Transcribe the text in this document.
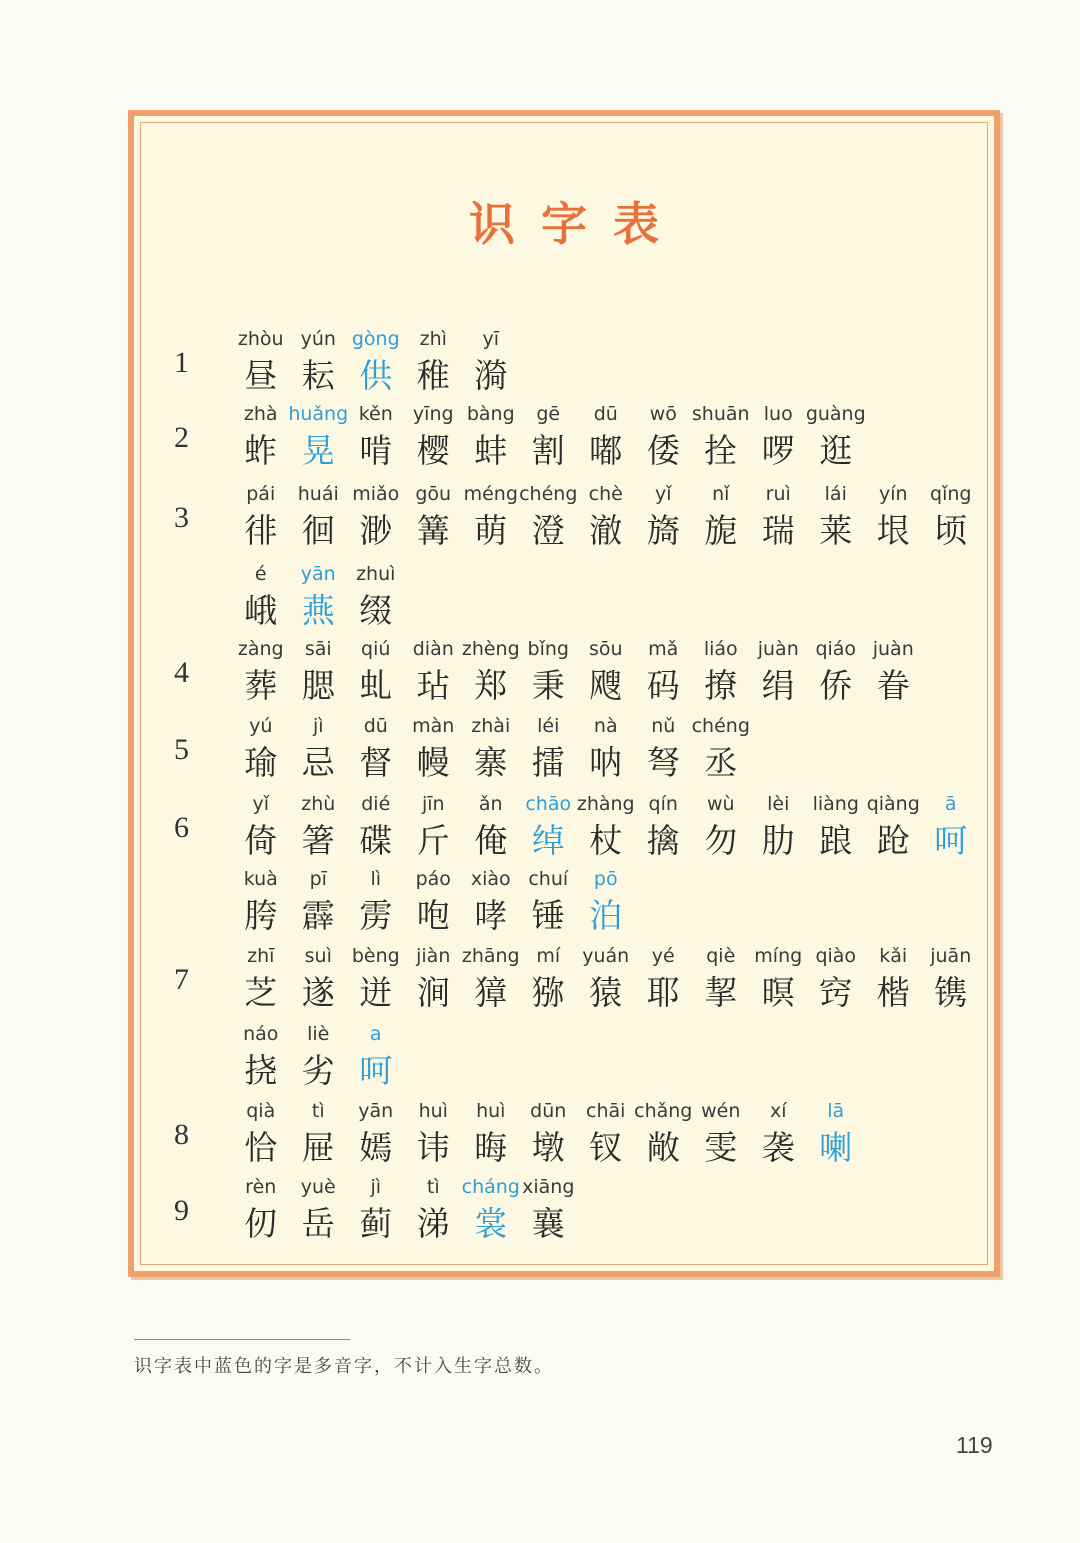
识字表
1
zhòu
昼
yún
耘
gòng
供
zhì
稚
yī
漪
2
zhà
蚱
huǎng
晃
kěn
啃
yīng
樱
bàng
蚌
gē
割
dū
嘟
wō
倭
shuān
拴
luo
啰
guàng
逛
3
pái
徘
huái
徊
miǎo
渺
gōu
篝
méng
萌
chéng
澄
chè
澈
yǐ
旖
nǐ
旎
ruì
瑞
lái
莱
yín
垠
qǐng
顷
é
峨
yān
燕
zhuì
缀
4
zàng
葬
sāi
腮
qiú
虬
diàn
玷
zhèng
郑
bǐng
秉
sōu
飕
mǎ
码
liáo
撩
juàn
绢
qiáo
侨
juàn
眷
5
yú
瑜
jì
忌
dū
督
màn
幔
zhài
寨
léi
擂
nà
呐
nǔ
弩
chéng
丞
6
yǐ
倚
zhù
箸
dié
碟
jīn
斤
ǎn
俺
chāo
绰
zhàng
杖
qín
擒
wù
勿
lèi
肋
liàng
踉
qiàng
跄
ā
呵
kuà
胯
pī
霹
lì
雳
páo
咆
xiào
哮
chuí
锤
pō
泊
7
zhī
芝
suì
遂
bèng
迸
jiàn
涧
zhāng
獐
mí
猕
yuán
猿
yé
耶
qiè
挈
míng
暝
qiào
窍
kǎi
楷
juān
镌
náo
挠
liè
劣
a
呵
8
qià
恰
tì
屉
yān
嫣
huì
讳
huì
晦
dūn
墩
chāi
钗
chǎng
敞
wén
雯
xí
袭
lā
喇
9
rèn
仞
yuè
岳
jì
蓟
tì
涕
cháng
裳
xiāng
襄
识字表中蓝色的字是多音字，不计入生字总数。
119
